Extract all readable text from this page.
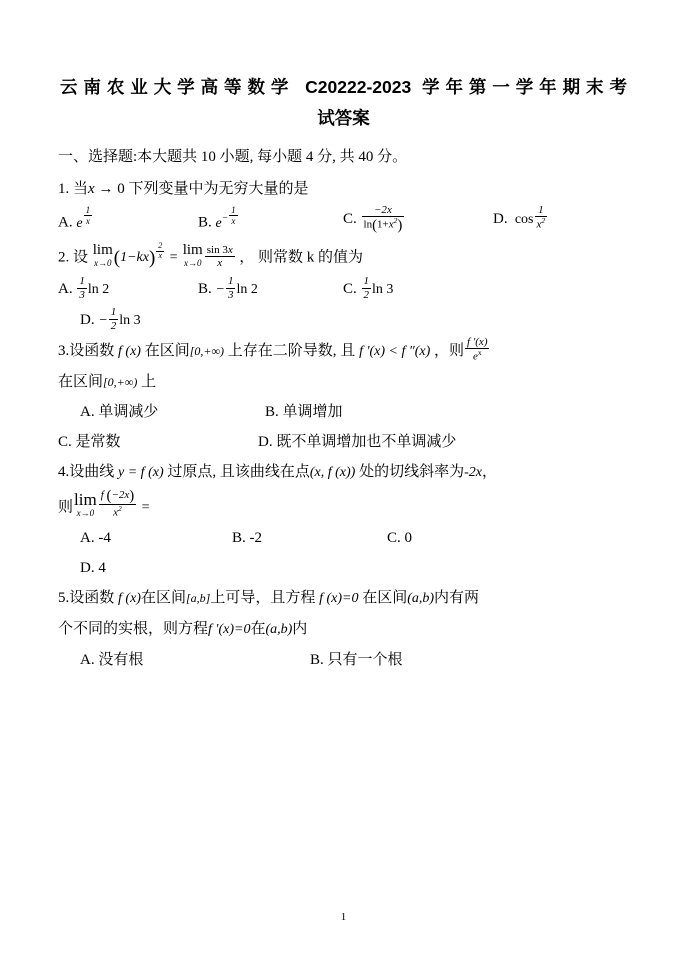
云南农业大学高等数学 C20222-2023 学年第一学年期末考
试答案
一、选择题:本大题共 10 小题, 每小题 4 分, 共 40 分。
1. 当x → 0 下列变量中为无穷大量的是
A. e $^{\frac{1}{x}}$	B. $e^{- \frac{1}{x}}$	C. $\frac{-2x}{\ln(1+x^2)}$	D.  $\cos \frac{1}{x^2}$
2. 设 lim
x→0 (1−kx) $^{\frac{2}{x}}$ = lim
$x\to 0 \frac{\sin 3x}{x}$ ， 则常数 k 的值为
A. $\frac{1}{3}$ ln 2	B. − $\frac{1}{3}$ ln 2	C. $\frac{1}{2}$ ln 3
D. − $\frac{1}{2}$ ln 3
3.设函数 f (x) 在区间[0,+∞) 上存在二阶导数, 且 f ′(x) < f ″(x) ，则 $\frac{f '(x)}{e^x}$
在区间[0,+∞) 上
A. 单调减少	B. 单调增加
C. 是常数	D. 既不单调增加也不单调减少
4.设曲线 y = f (x) 过原点, 且该曲线在点(x, f (x)) 处的切线斜率为-2x，
则 lim
$x\to 0 \frac{f (-2x)}{x^2}$ =
A. -4	B. -2	C. 0
D. 4
5.设函数 f (x)在区间[a,b]上可导，且方程 f (x)=0 在区间(a,b)内有两
个不同的实根，则方程f ′(x)=0在(a,b)内
A. 没有根	B. 只有一个根
1
